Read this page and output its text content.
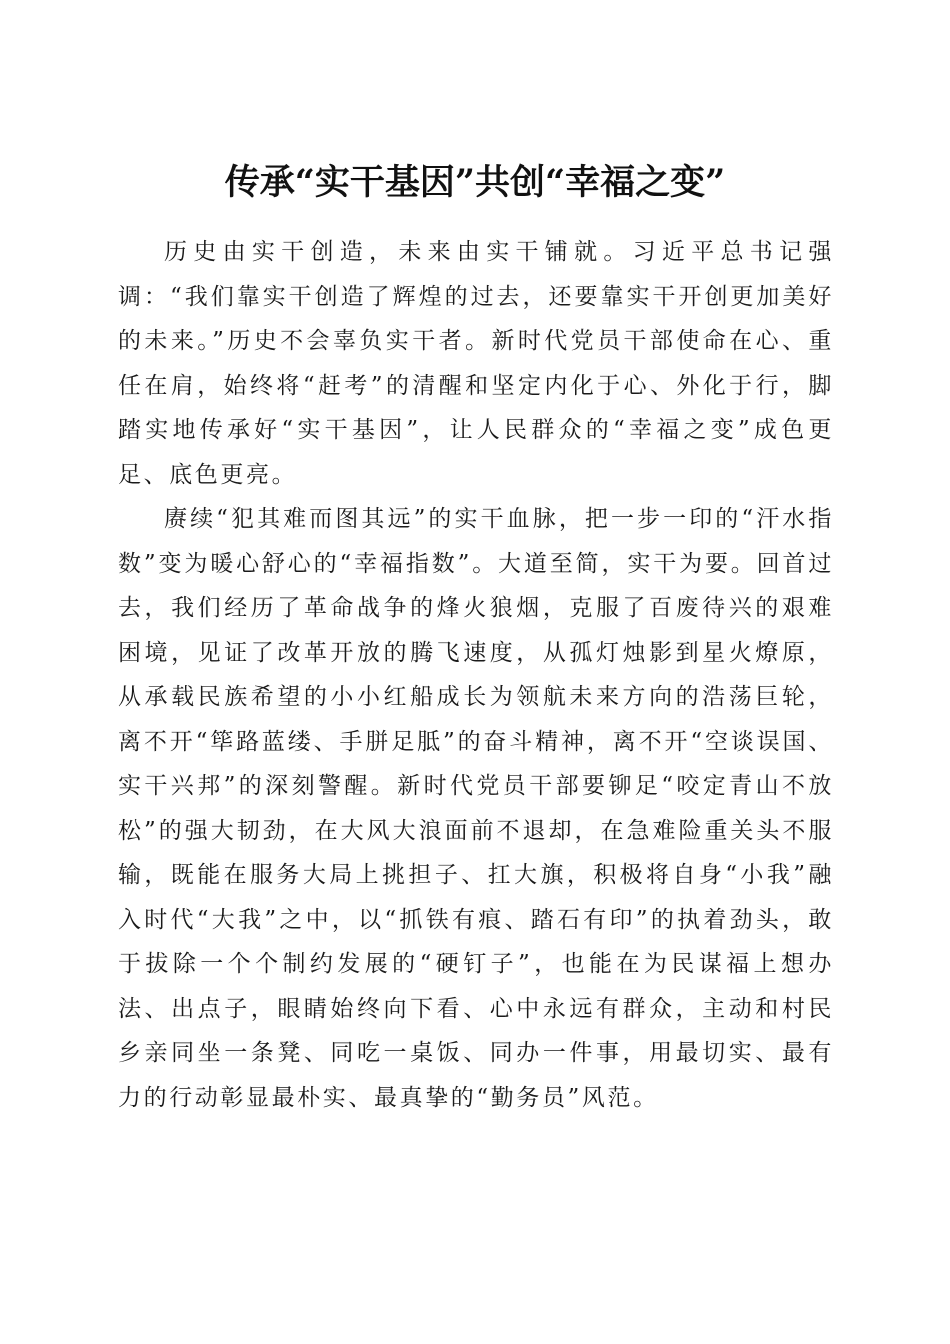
传承“实干基因”共创“幸福之变”

历史由实干创造，未来由实干铺就。习近平总书记强调：“我们靠实干创造了辉煌的过去，还要靠实干开创更加美好的未来。”历史不会辜负实干者。新时代党员干部使命在心、重任在肩，始终将“赶考”的清醒和坚定内化于心、外化于行，脚踏实地传承好“实干基因”，让人民群众的“幸福之变”成色更足、底色更亮。

赓续“犯其难而图其远”的实干血脉，把一步一印的“汗水指数”变为暖心舒心的“幸福指数”。大道至简，实干为要。回首过去，我们经历了革命战争的烽火狼烟，克服了百废待兴的艰难困境，见证了改革开放的腾飞速度，从孤灯烛影到星火燎原，从承载民族希望的小小红船成长为领航未来方向的浩荡巨轮，离不开“筚路蓝缕、手胼足胝”的奋斗精神，离不开“空谈误国、实干兴邦”的深刻警醒。新时代党员干部要铆足“咬定青山不放松”的强大韧劲，在大风大浪面前不退却，在急难险重关头不服输，既能在服务大局上挑担子、扛大旗，积极将自身“小我”融入时代“大我”之中，以“抓铁有痕、踏石有印”的执着劲头，敢于拔除一个个制约发展的“硬钉子”，也能在为民谋福上想办法、出点子，眼睛始终向下看、心中永远有群众，主动和村民乡亲同坐一条凳、同吃一桌饭、同办一件事，用最切实、最有力的行动彰显最朴实、最真挚的“勤务员”风范。
